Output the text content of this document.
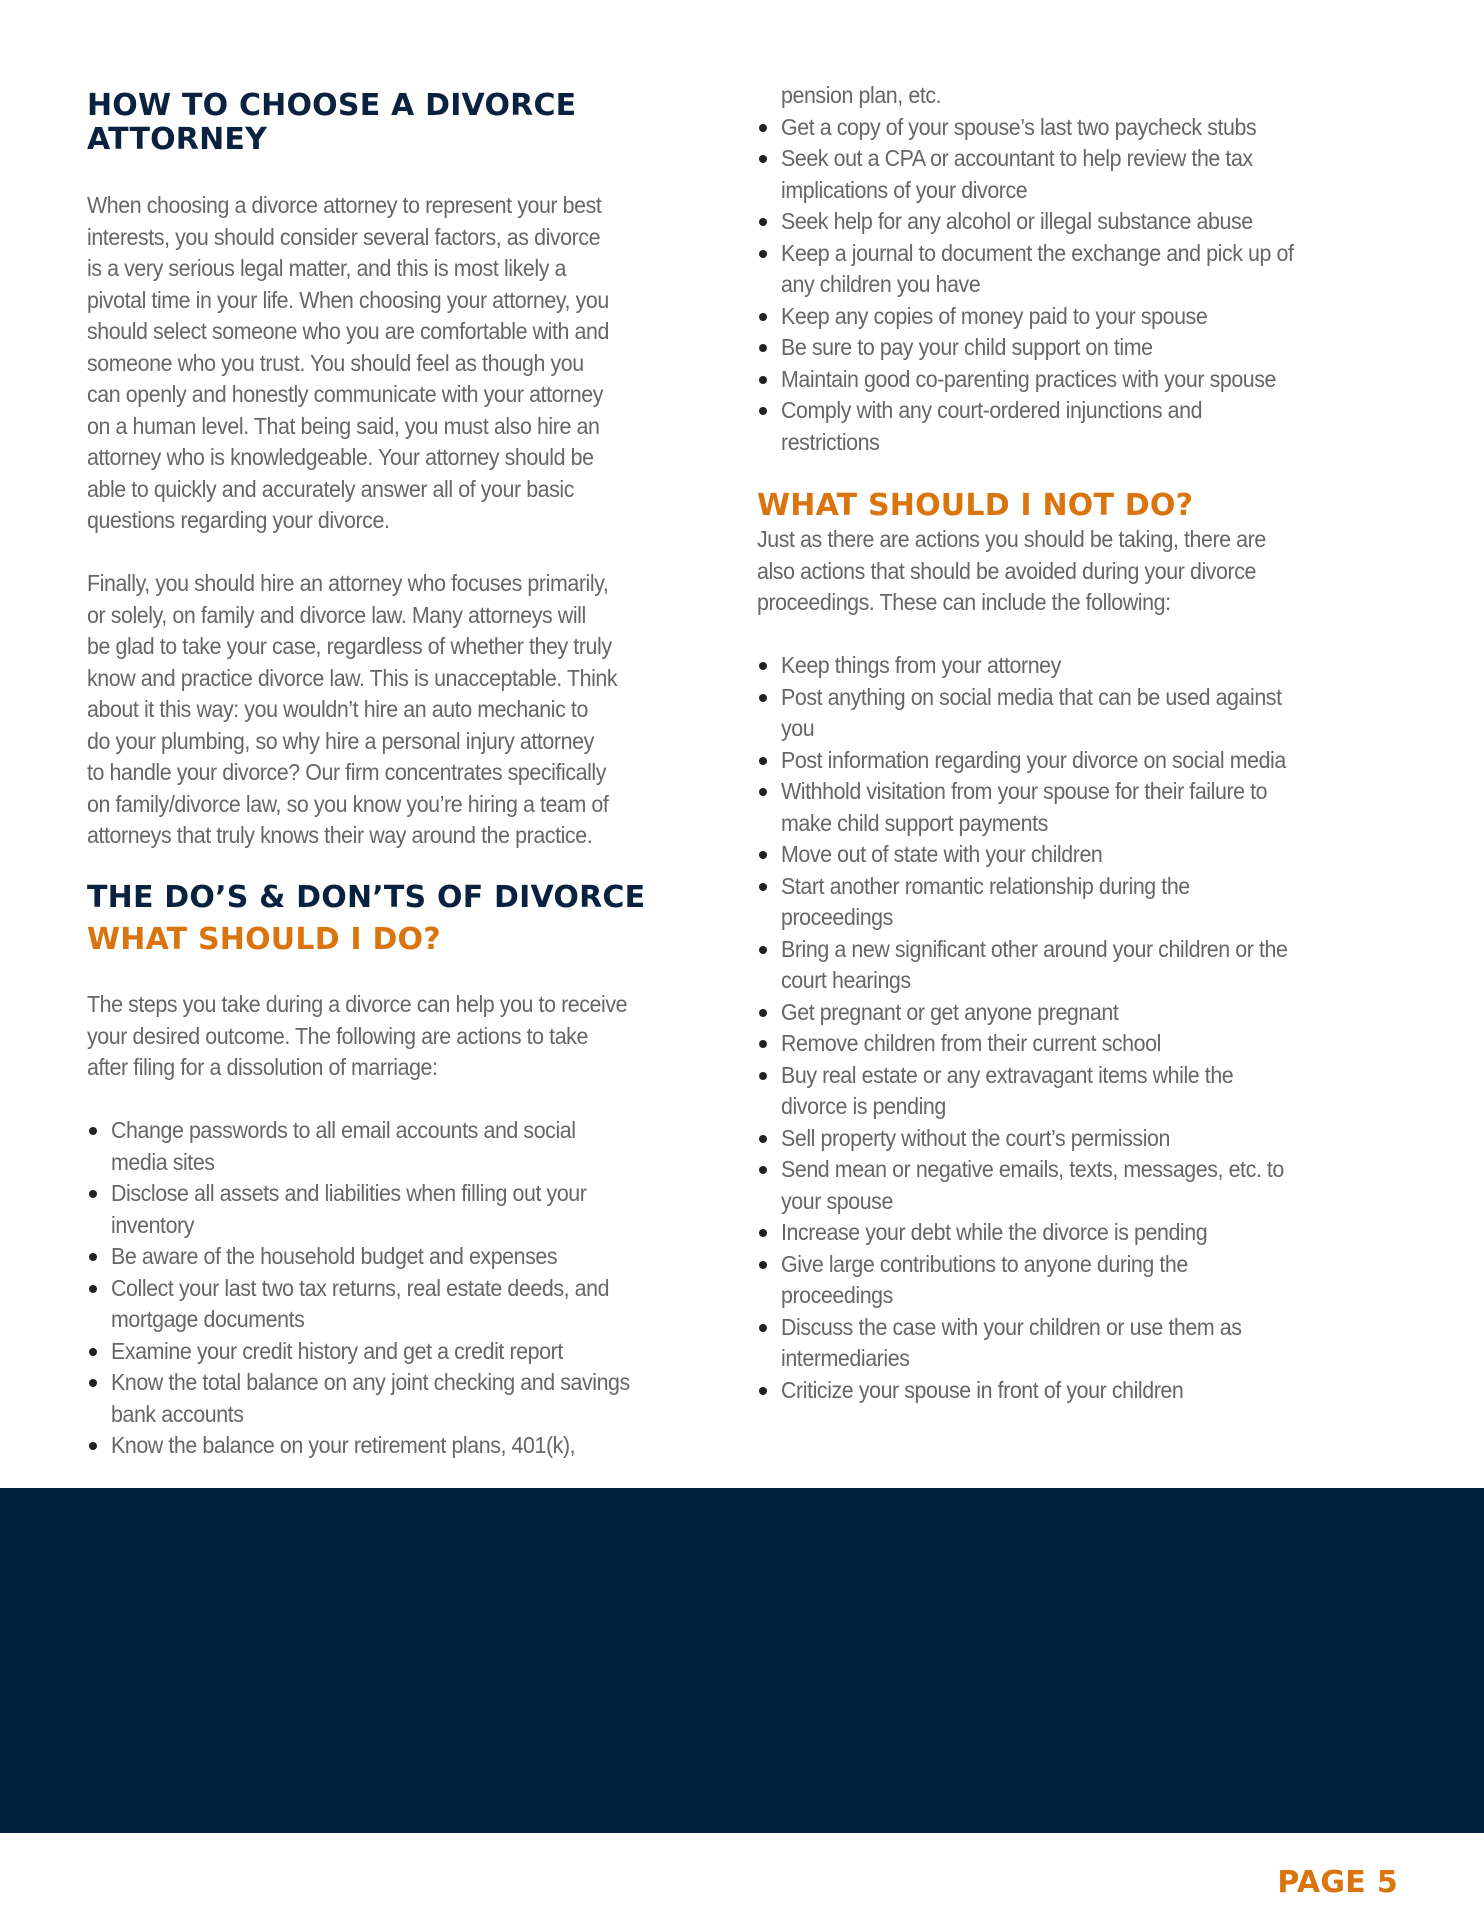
HOW TO CHOOSE A DIVORCE
ATTORNEY
When choosing a divorce attorney to represent your best
interests, you should consider several factors, as divorce
is a very serious legal matter, and this is most likely a
pivotal time in your life. When choosing your attorney, you
should select someone who you are comfortable with and
someone who you trust. You should feel as though you
can openly and honestly communicate with your attorney
on a human level. That being said, you must also hire an
attorney who is knowledgeable. Your attorney should be
able to quickly and accurately answer all of your basic
questions regarding your divorce.
Finally, you should hire an attorney who focuses primarily,
or solely, on family and divorce law. Many attorneys will
be glad to take your case, regardless of whether they truly
know and practice divorce law. This is unacceptable. Think
about it this way: you wouldn’t hire an auto mechanic to
do your plumbing, so why hire a personal injury attorney
to handle your divorce? Our firm concentrates specifically
on family/divorce law, so you know you’re hiring a team of
attorneys that truly knows their way around the practice.
THE DO’S & DON’TS OF DIVORCE
WHAT SHOULD I DO?
The steps you take during a divorce can help you to receive
your desired outcome. The following are actions to take
after filing for a dissolution of marriage:
Change passwords to all email accounts and social
media sites
Disclose all assets and liabilities when filling out your
inventory
Be aware of the household budget and expenses
Collect your last two tax returns, real estate deeds, and
mortgage documents
Examine your credit history and get a credit report
Know the total balance on any joint checking and savings
bank accounts
Know the balance on your retirement plans, 401(k),
pension plan, etc.
Get a copy of your spouse’s last two paycheck stubs
Seek out a CPA or accountant to help review the tax
implications of your divorce
Seek help for any alcohol or illegal substance abuse
Keep a journal to document the exchange and pick up of
any children you have
Keep any copies of money paid to your spouse
Be sure to pay your child support on time
Maintain good co-parenting practices with your spouse
Comply with any court-ordered injunctions and
restrictions
WHAT SHOULD I NOT DO?
Just as there are actions you should be taking, there are
also actions that should be avoided during your divorce
proceedings. These can include the following:
Keep things from your attorney
Post anything on social media that can be used against
you
Post information regarding your divorce on social media
Withhold visitation from your spouse for their failure to
make child support payments
Move out of state with your children
Start another romantic relationship during the
proceedings
Bring a new significant other around your children or the
court hearings
Get pregnant or get anyone pregnant
Remove children from their current school
Buy real estate or any extravagant items while the
divorce is pending
Sell property without the court’s permission
Send mean or negative emails, texts, messages, etc. to
your spouse
Increase your debt while the divorce is pending
Give large contributions to anyone during the
proceedings
Discuss the case with your children or use them as
intermediaries
Criticize your spouse in front of your children
PAGE 5
